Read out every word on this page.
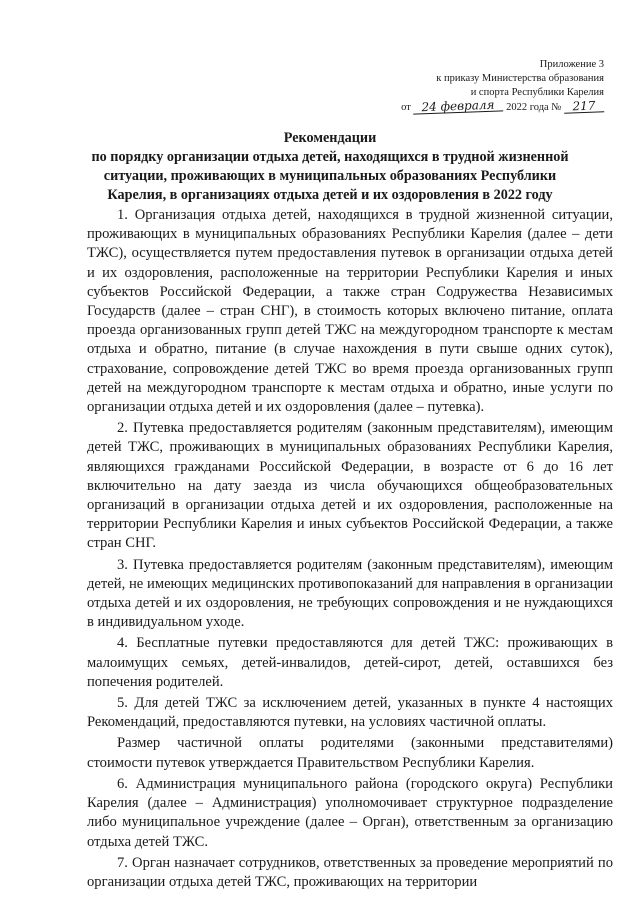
Приложение 3
к приказу Министерства образования
и спорта Республики Карелия
от 24 февраля 2022 года № 217
Рекомендации
по порядку организации отдыха детей, находящихся в трудной жизненной
ситуации, проживающих в муниципальных образованиях Республики
Карелия, в организациях отдыха детей и их оздоровления в 2022 году

1. Организация отдыха детей, находящихся в трудной жизненной ситуации, проживающих в муниципальных образованиях Республики Карелия (далее – дети ТЖС), осуществляется путем предоставления путевок в организации отдыха детей и их оздоровления, расположенные на территории Республики Карелия и иных субъектов Российской Федерации, а также стран Содружества Независимых Государств (далее – стран СНГ), в стоимость которых включено питание, оплата проезда организованных групп детей ТЖС на междугородном транспорте к местам отдыха и обратно, питание (в случае нахождения в пути свыше одних суток), страхование, сопровождение детей ТЖС во время проезда организованных групп детей на междугородном транспорте к местам отдыха и обратно, иные услуги по организации отдыха детей и их оздоровления (далее – путевка).

2. Путевка предоставляется родителям (законным представителям), имеющим детей ТЖС, проживающих в муниципальных образованиях Республики Карелия, являющихся гражданами Российской Федерации, в возрасте от 6 до 16 лет включительно на дату заезда из числа обучающихся общеобразовательных организаций в организации отдыха детей и их оздоровления, расположенные на территории Республики Карелия и иных субъектов Российской Федерации, а также стран СНГ.

3. Путевка предоставляется родителям (законным представителям), имеющим детей, не имеющих медицинских противопоказаний для направления в организации отдыха детей и их оздоровления, не требующих сопровождения и не нуждающихся в индивидуальном уходе.

4. Бесплатные путевки предоставляются для детей ТЖС: проживающих в малоимущих семьях, детей-инвалидов, детей-сирот, детей, оставшихся без попечения родителей.

5. Для детей ТЖС за исключением детей, указанных в пункте 4 настоящих Рекомендаций, предоставляются путевки, на условиях частичной оплаты.

Размер частичной оплаты родителями (законными представителями) стоимости путевок утверждается Правительством Республики Карелия.

6. Администрация муниципального района (городского округа) Республики Карелия (далее – Администрация) уполномочивает структурное подразделение либо муниципальное учреждение (далее – Орган), ответственным за организацию отдыха детей ТЖС.

7. Орган назначает сотрудников, ответственных за проведение мероприятий по организации отдыха детей ТЖС, проживающих на территории
